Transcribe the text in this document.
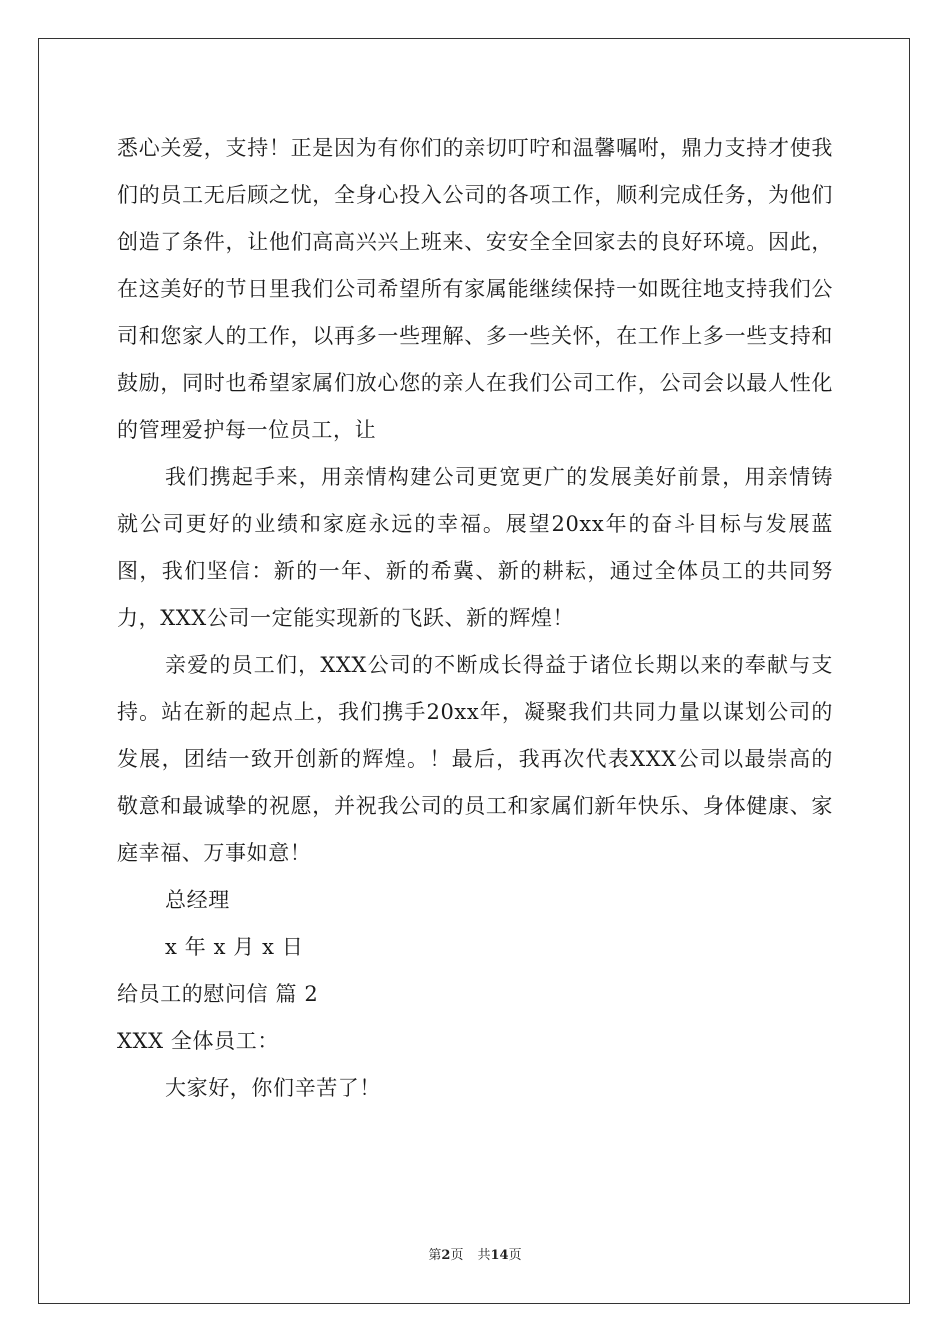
悉心关爱，支持！正是因为有你们的亲切叮咛和温馨嘱咐，鼎力支持才使我们的员工无后顾之忧，全身心投入公司的各项工作，顺利完成任务，为他们创造了条件，让他们高高兴兴上班来、安安全全回家去的良好环境。因此，在这美好的节日里我们公司希望所有家属能继续保持一如既往地支持我们公司和您家人的工作，以再多一些理解、多一些关怀，在工作上多一些支持和鼓励，同时也希望家属们放心您的亲人在我们公司工作，公司会以最人性化的管理爱护每一位员工，让

我们携起手来，用亲情构建公司更宽更广的发展美好前景，用亲情铸就公司更好的业绩和家庭永远的幸福。展望20xx年的奋斗目标与发展蓝图，我们坚信：新的一年、新的希冀、新的耕耘，通过全体员工的共同努力，XXX公司一定能实现新的飞跃、新的辉煌！

亲爱的员工们，XXX公司的不断成长得益于诸位长期以来的奉献与支持。站在新的起点上，我们携手20xx年，凝聚我们共同力量以谋划公司的发展，团结一致开创新的辉煌。！最后，我再次代表XXX公司以最崇高的敬意和最诚挚的祝愿，并祝我公司的员工和家属们新年快乐、身体健康、家庭幸福、万事如意！

总经理

x 年 x 月 x 日

给员工的慰问信 篇 2

XXX 全体员工：

大家好，你们辛苦了！

第2页 共14页
